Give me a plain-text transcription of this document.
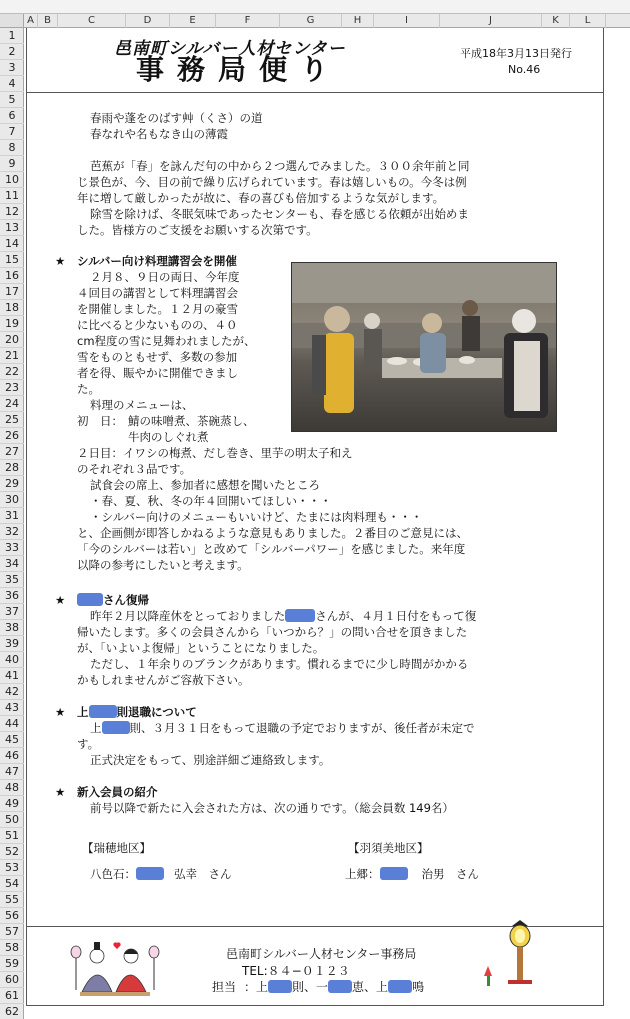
A	B	C	D	E	F	G	H	I	J	K	L
1
2
3
4
5
6
7
8
9
10
11
12
13
14
15
16
17
18
19
20
21
22
23
24
25
26
27
28
29
30
31
32
33
34
35
36
37
38
39
40
41
42
43
44
45
46
47
48
49
50
51
52
53
54
55
56
57
58
59
60
61
62
邑南町シルバー人材センター
事務局便り	平成18年3月13日発行
No.46
春雨や蓬をのばす艸（くさ）の道
春なれや名もなき山の薄霞
芭蕉が「春」を詠んだ句の中から２つ選んでみました。３００余年前と同
じ景色が、今、目の前で繰り広げられています。春は嬉しいもの。今冬は例
年に増して厳しかったが故に、春の喜びも倍加するような気がします。
除雪を除けば、冬眠気味であったセンターも、春を感じる依頼が出始めま
した。皆様方のご支援をお願いする次第です。
★ シルバー向け料理講習会を開催
２月８、９日の両日、今年度
４回目の講習として料理講習会
を開催しました。１２月の豪雪
に比べると少ないものの、４０
cm程度の雪に見舞われましたが、
雪をものともせず、多数の参加
者を得、賑やかに開催できまし
た。
料理のメニューは、
初　日： 鯖の味噌煮、茶碗蒸し、
牛肉のしぐれ煮
２日目：イワシの梅煮、だし巻き、里芋の明太子和え
のそれぞれ３品です。
試食会の席上、参加者に感想を聞いたところ
・春、夏、秋、冬の年４回開いてほしい・・・
・シルバー向けのメニューもいいけど、たまには肉料理も・・・
と、企画側が即答しかねるような意見もありました。２番目のご意見には、
「今のシルバーは若い」と改めて「シルバーパワー」を感じました。来年度
以降の参考にしたいと考えます。
★	さん復帰
昨年２月以降産休をとっておりました	さんが、４月１日付をもって復
帰いたします。多くの会員さんから「いつから？」の問い合せを頂きました
が、「いよいよ復帰」ということになりました。
ただし、１年余りのブランクがあります。慣れるまでに少し時間がかかる
かもしれませんがご容赦下さい。
★ 上 則退職について
上 則、３月３１日をもって退職の予定でおりますが、後任者が未定で
す。
正式決定をもって、別途詳細ご連絡致します。
★ 新入会員の紹介
前号以降で新たに入会された方は、次の通りです。（総会員数 149名）
【瑞穂地区】	【羽須美地区】
八色石：	弘幸　さん	上郷：	治男　さん
邑南町シルバー人材センター事務局
TEL:８４−０１２３
担当 ：上 則、一 恵、上 鳴
